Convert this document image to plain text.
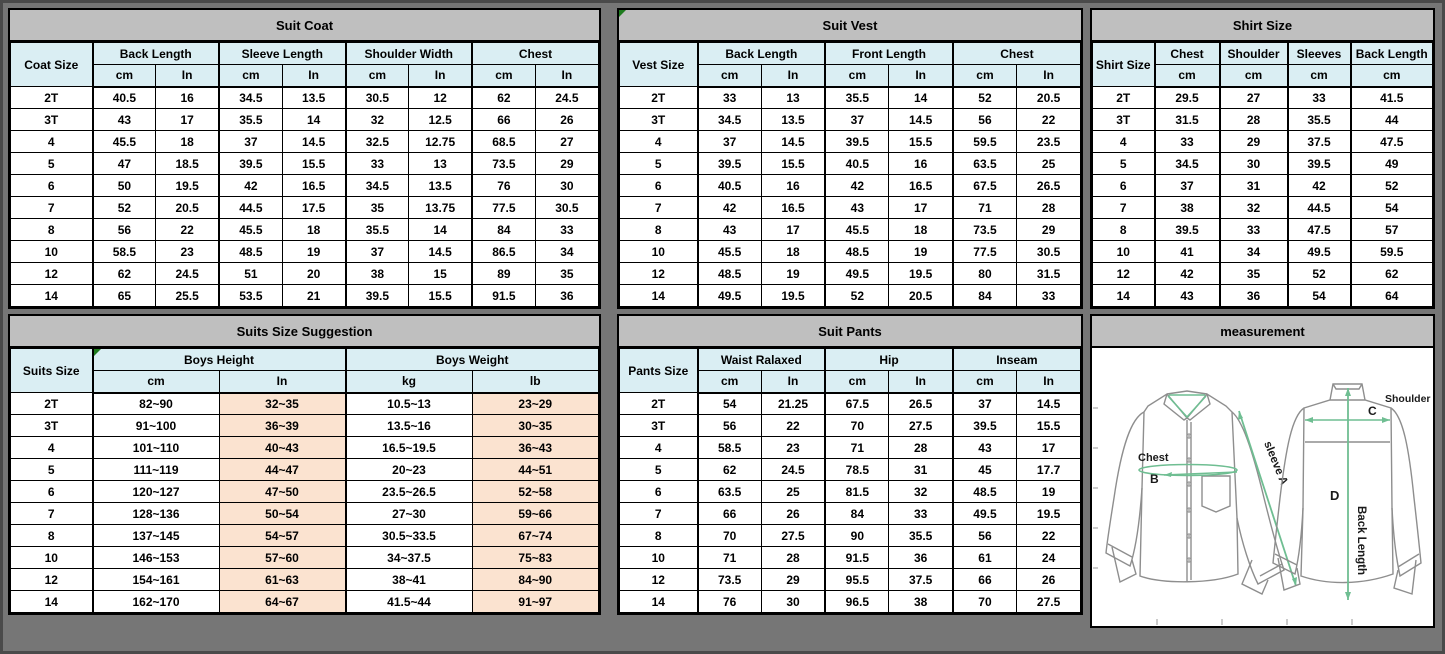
Suit Coat
Coat Size	Back Length		Sleeve Length		Shoulder Width		Chest	
	cm	In	cm	In	cm	In	cm	In
2T	40.5	16	34.5	13.5	30.5	12	62	24.5
3T	43	17	35.5	14	32	12.5	66	26
4	45.5	18	37	14.5	32.5	12.75	68.5	27
5	47	18.5	39.5	15.5	33	13	73.5	29
6	50	19.5	42	16.5	34.5	13.5	76	30
7	52	20.5	44.5	17.5	35	13.75	77.5	30.5
8	56	22	45.5	18	35.5	14	84	33
10	58.5	23	48.5	19	37	14.5	86.5	34
12	62	24.5	51	20	38	15	89	35
14	65	25.5	53.5	21	39.5	15.5	91.5	36
Suits Size Suggestion
Suits Size	Boys Height		Boys Weight	
	cm	In	kg	lb
2T	82~90	32~35	10.5~13	23~29
3T	91~100	36~39	13.5~16	30~35
4	101~110	40~43	16.5~19.5	36~43
5	111~119	44~47	20~23	44~51
6	120~127	47~50	23.5~26.5	52~58
7	128~136	50~54	27~30	59~66
8	137~145	54~57	30.5~33.5	67~74
10	146~153	57~60	34~37.5	75~83
12	154~161	61~63	38~41	84~90
14	162~170	64~67	41.5~44	91~97
Suit Vest
Vest Size	Back Length		Front Length		Chest	
	cm	In	cm	In	cm	In
2T	33	13	35.5	14	52	20.5
3T	34.5	13.5	37	14.5	56	22
4	37	14.5	39.5	15.5	59.5	23.5
5	39.5	15.5	40.5	16	63.5	25
6	40.5	16	42	16.5	67.5	26.5
7	42	16.5	43	17	71	28
8	43	17	45.5	18	73.5	29
10	45.5	18	48.5	19	77.5	30.5
12	48.5	19	49.5	19.5	80	31.5
14	49.5	19.5	52	20.5	84	33
Suit Pants
Pants Size	Waist Ralaxed		Hip		Inseam	
	cm	In	cm	In	cm	In
2T	54	21.25	67.5	26.5	37	14.5
3T	56	22	70	27.5	39.5	15.5
4	58.5	23	71	28	43	17
5	62	24.5	78.5	31	45	17.7
6	63.5	25	81.5	32	48.5	19
7	66	26	84	33	49.5	19.5
8	70	27.5	90	35.5	56	22
10	71	28	91.5	36	61	24
12	73.5	29	95.5	37.5	66	26
14	76	30	96.5	38	70	27.5
Shirt Size
Shirt Size	Chest	Shoulder	Sleeves	Back Length
	cm	cm	cm	cm
2T	29.5	27	33	41.5
3T	31.5	28	35.5	44
4	33	29	37.5	47.5
5	34.5	30	39.5	49
6	37	31	42	52
7	38	32	44.5	54
8	39.5	33	47.5	57
10	41	34	49.5	59.5
12	42	35	52	62
14	43	36	54	64
measurement
Chest
B	sleeve A
C
Shoulder
D
Back Length
